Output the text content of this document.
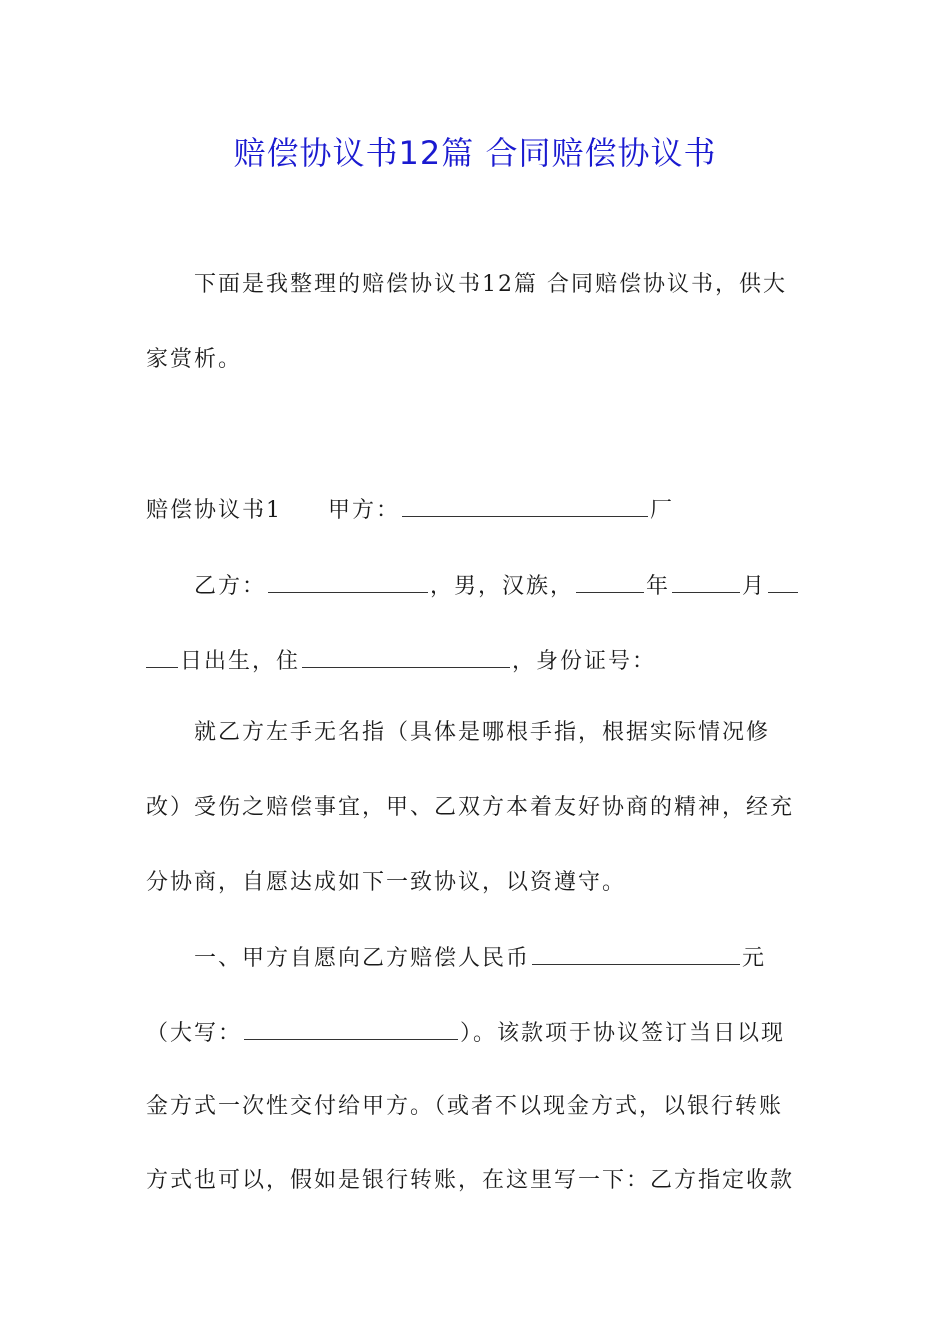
赔偿协议书12篇 合同赔偿协议书
下面是我整理的赔偿协议书12篇 合同赔偿协议书，供大
家赏析。
赔偿协议书1 甲方：	厂
乙方：	，男，汉族，	年	月
日出生，住	，身份证号：
就乙方左手无名指（具体是哪根手指，根据实际情况修
改）受伤之赔偿事宜，甲、乙双方本着友好协商的精神，经充
分协商，自愿达成如下一致协议，以资遵守。
一、甲方自愿向乙方赔偿人民币	元
（大写：	）。该款项于协议签订当日以现
金方式一次性交付给甲方。（或者不以现金方式，以银行转账
方式也可以，假如是银行转账，在这里写一下：乙方指定收款
